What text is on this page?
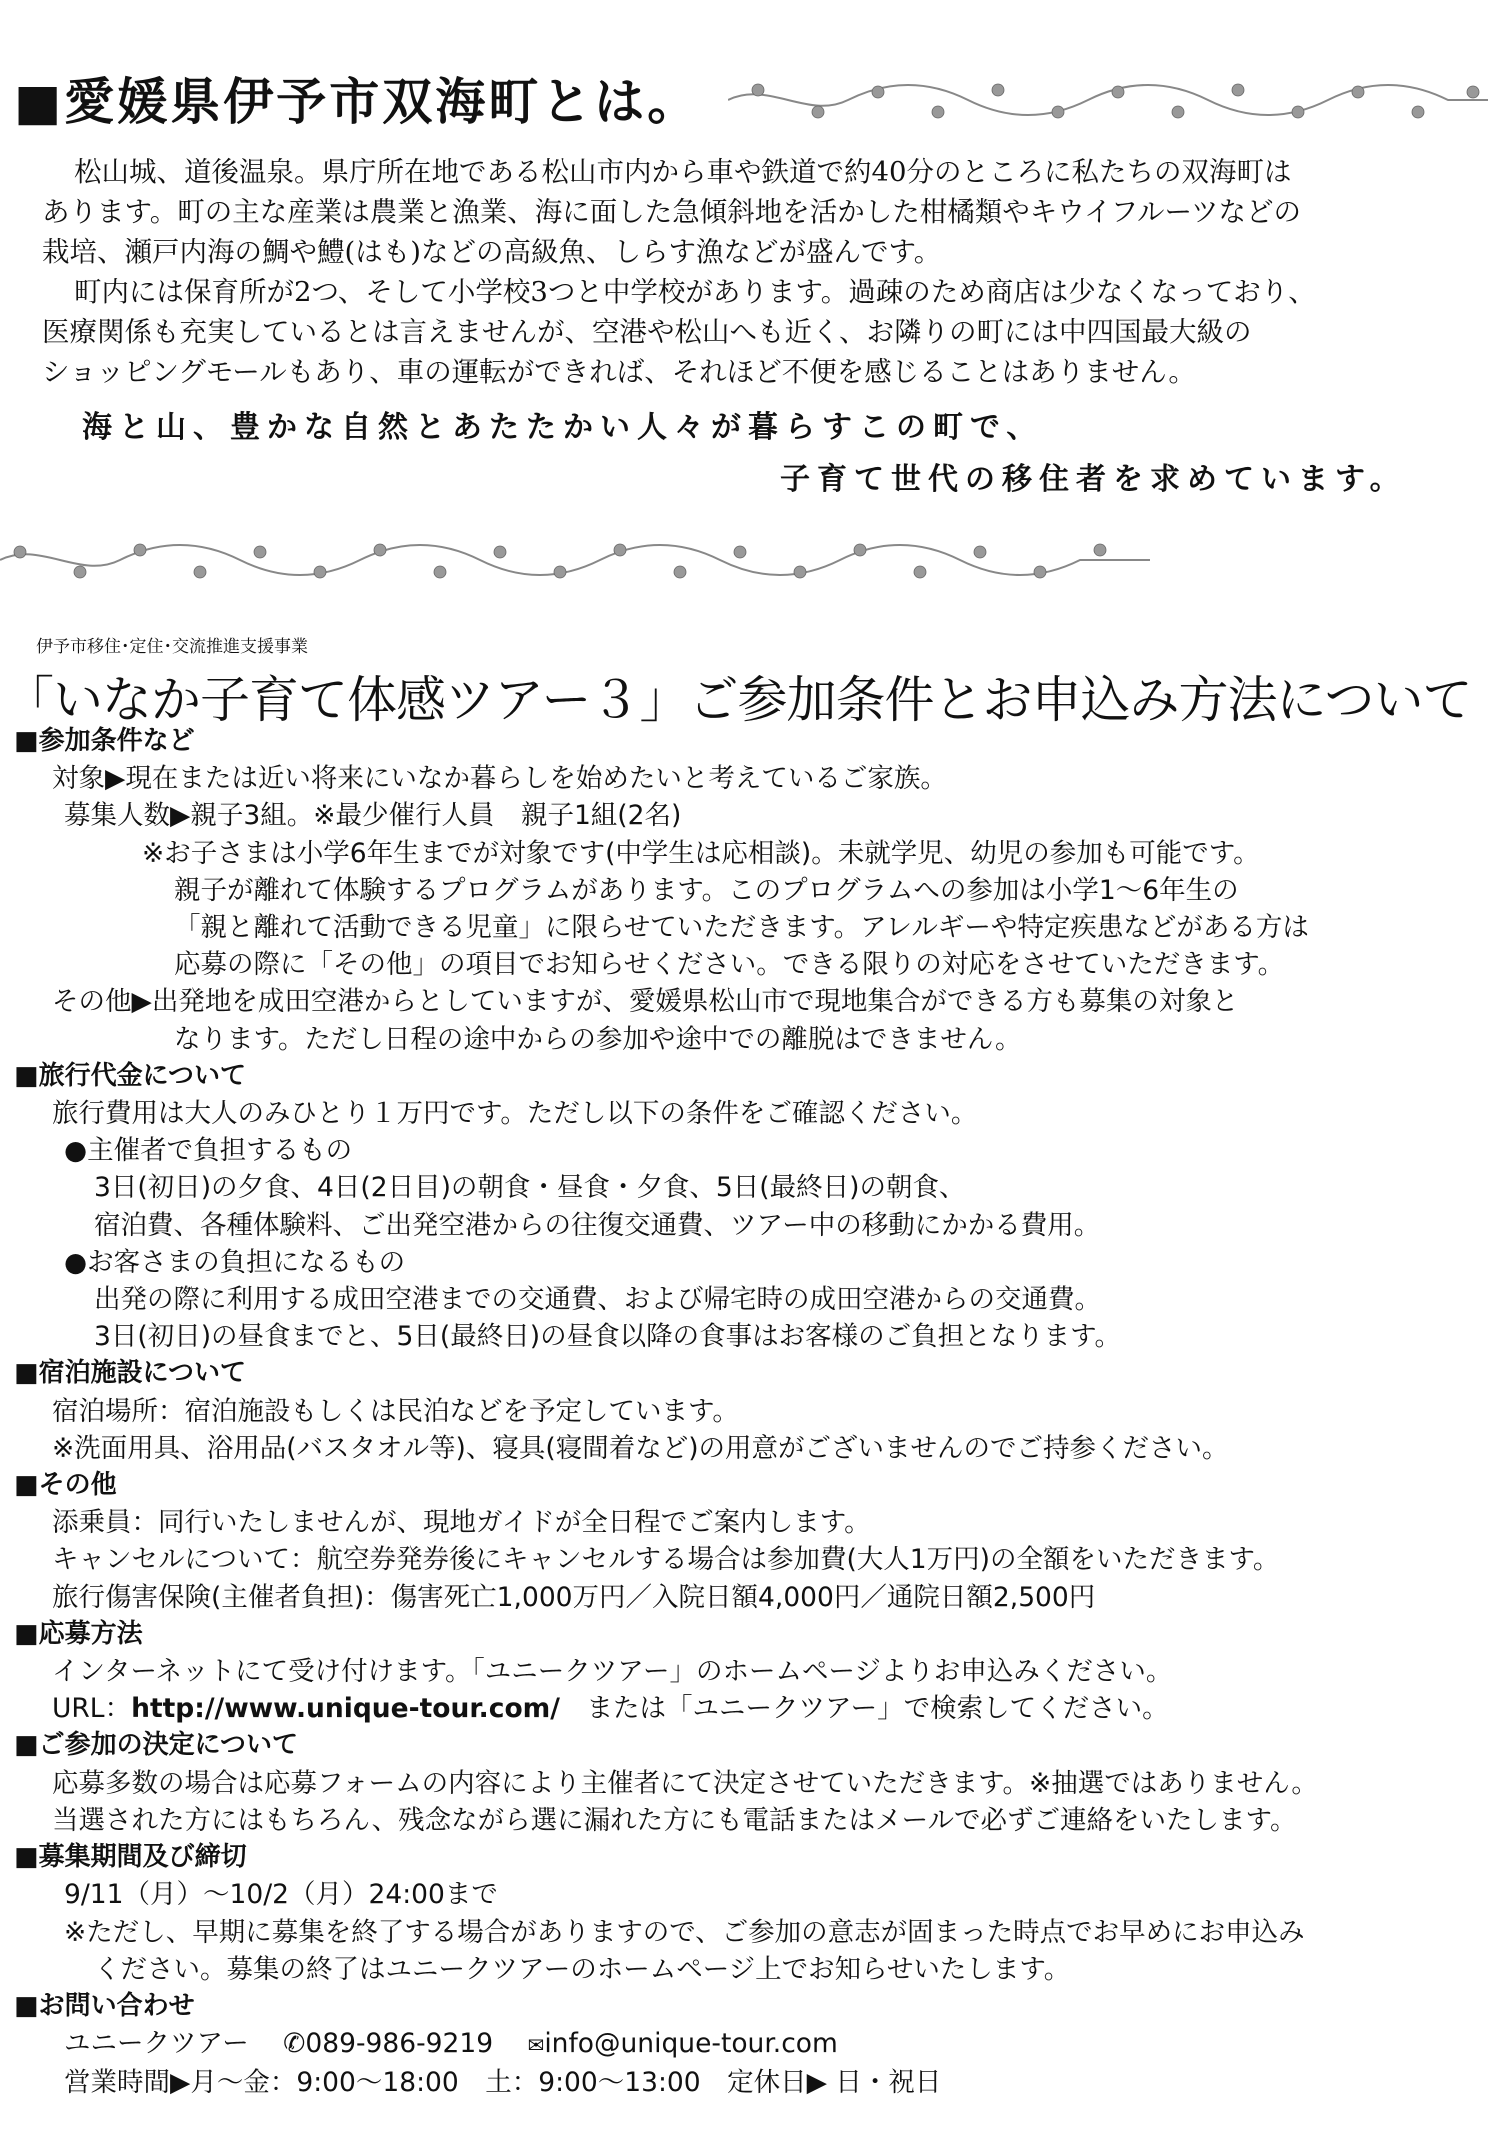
■愛媛県伊予市双海町とは。

松山城、道後温泉。県庁所在地である松山市内から車や鉄道で約40分のところに私たちの双海町は

あります。町の主な産業は農業と漁業、海に面した急傾斜地を活かした柑橘類やキウイフルーツなどの

栽培、瀬戸内海の鯛や鱧(はも)などの高級魚、しらす漁などが盛んです。

町内には保育所が2つ、そして小学校3つと中学校があります。過疎のため商店は少なくなっており、

医療関係も充実しているとは言えませんが、空港や松山へも近く、お隣りの町には中四国最大級の

ショッピングモールもあり、車の運転ができれば、それほど不便を感じることはありません。

海と山、豊かな自然とあたたかい人々が暮らすこの町で、
子育て世代の移住者を求めています。
伊予市移住･定住･交流推進支援事業
「いなか子育て体感ツアー３」ご参加条件とお申込み方法について
■参加条件など
対象▶現在または近い将来にいなか暮らしを始めたいと考えているご家族。
募集人数▶親子3組。※最少催行人員　親子1組(2名)
※お子さまは小学6年生までが対象です(中学生は応相談)。未就学児、幼児の参加も可能です。
親子が離れて体験するプログラムがあります。このプログラムへの参加は小学1～6年生の
「親と離れて活動できる児童」に限らせていただきます。アレルギーや特定疾患などがある方は
応募の際に「その他」の項目でお知らせください。できる限りの対応をさせていただきます。
その他▶出発地を成田空港からとしていますが、愛媛県松山市で現地集合ができる方も募集の対象と
なります。ただし日程の途中からの参加や途中での離脱はできません。
■旅行代金について
旅行費用は大人のみひとり１万円です。ただし以下の条件をご確認ください。
●主催者で負担するもの
3日(初日)の夕食、4日(2日目)の朝食・昼食・夕食、5日(最終日)の朝食、
宿泊費、各種体験料、ご出発空港からの往復交通費、ツアー中の移動にかかる費用。
●お客さまの負担になるもの
出発の際に利用する成田空港までの交通費、および帰宅時の成田空港からの交通費。
3日(初日)の昼食までと、5日(最終日)の昼食以降の食事はお客様のご負担となります。
■宿泊施設について
宿泊場所：宿泊施設もしくは民泊などを予定しています。
※洗面用具、浴用品(バスタオル等)、寝具(寝間着など)の用意がございませんのでご持参ください。
■その他
添乗員：同行いたしませんが、現地ガイドが全日程でご案内します。
キャンセルについて：航空券発券後にキャンセルする場合は参加費(大人1万円)の全額をいただきます。
旅行傷害保険(主催者負担)：傷害死亡1,000万円／入院日額4,000円／通院日額2,500円
■応募方法
インターネットにて受け付けます。「ユニークツアー」のホームページよりお申込みください。
URL：http://www.unique-tour.com/　または「ユニークツアー」で検索してください。
■ご参加の決定について
応募多数の場合は応募フォームの内容により主催者にて決定させていただきます。※抽選ではありません。
当選された方にはもちろん、残念ながら選に漏れた方にも電話またはメールで必ずご連絡をいたします。
■募集期間及び締切
9/11（月）～10/2（月）24:00まで
※ただし、早期に募集を終了する場合がありますので、ご参加の意志が固まった時点でお早めにお申込み
ください。募集の終了はユニークツアーのホームページ上でお知らせいたします。
■お問い合わせ
ユニークツアー ✆089-986-9219 ✉info@unique-tour.com
営業時間▶月～金：9:00～18:00　土：9:00～13:00　定休日▶ 日・祝日
